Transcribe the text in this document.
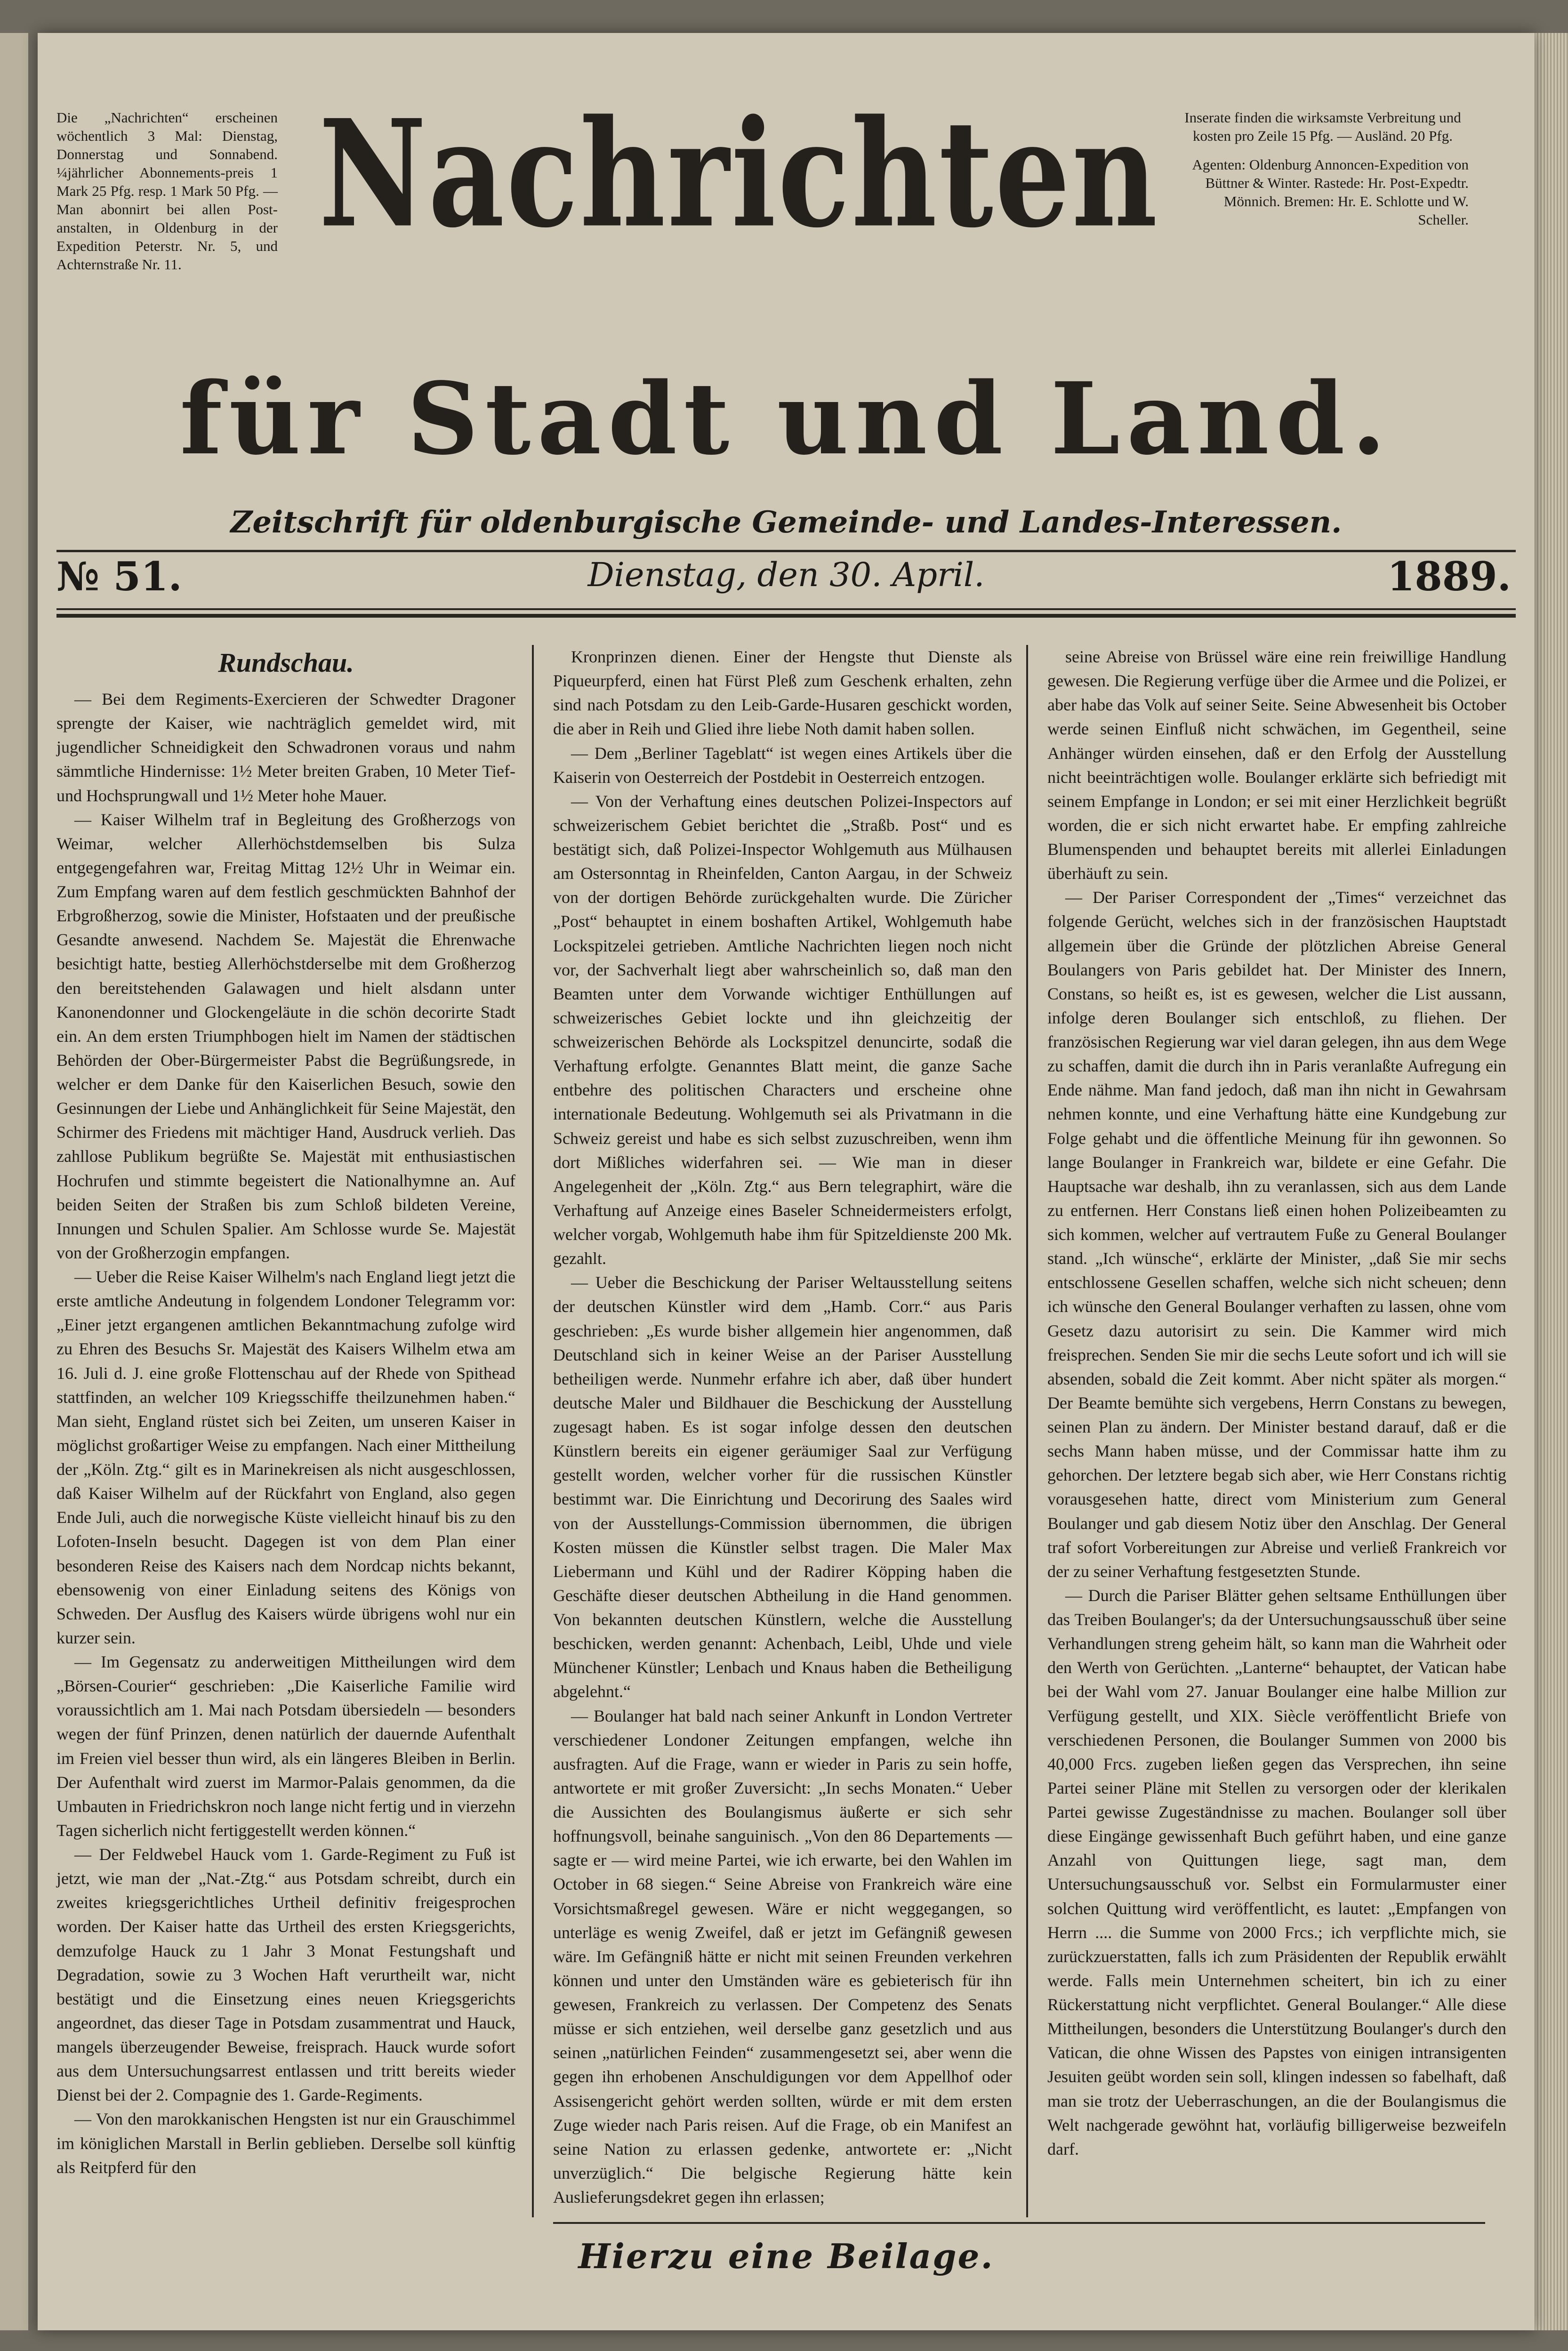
Die „Nachrichten“ erscheinen wöchentlich 3 Mal: Dienstag, Donnerstag und Sonnabend. ¼jährlicher Abonnements-preis 1 Mark 25 Pfg. resp. 1 Mark 50 Pfg. — Man abonnirt bei allen Post-anstalten, in Oldenburg in der Expedition Peterstr. Nr. 5, und Achternstraße Nr. 11.
Inserate finden die wirksamste Verbreitung und kosten pro Zeile 15 Pfg. — Ausländ. 20 Pfg.
Agenten: Oldenburg Annoncen-Expedition von Büttner & Winter. Rastede: Hr. Post-Expedtr. Mönnich. Bremen: Hr. E. Schlotte und W. Scheller.
Nachrichten
für Stadt und Land.
Zeitschrift für oldenburgische Gemeinde- und Landes-Interessen.
№ 51.	Dienstag, den 30. April.	1889.
Rundschau.

— Bei dem Regiments-Exercieren der Schwedter Dragoner sprengte der Kaiser, wie nachträglich gemeldet wird, mit jugendlicher Schneidigkeit den Schwadronen voraus und nahm sämmtliche Hindernisse: 1½ Meter breiten Graben, 10 Meter Tief- und Hochsprungwall und 1½ Meter hohe Mauer.

— Kaiser Wilhelm traf in Begleitung des Großherzogs von Weimar, welcher Allerhöchstdemselben bis Sulza entgegengefahren war, Freitag Mittag 12½ Uhr in Weimar ein. Zum Empfang waren auf dem festlich geschmückten Bahnhof der Erbgroßherzog, sowie die Minister, Hofstaaten und der preußische Gesandte anwesend. Nachdem Se. Majestät die Ehrenwache besichtigt hatte, bestieg Allerhöchstderselbe mit dem Großherzog den bereitstehenden Galawagen und hielt alsdann unter Kanonendonner und Glockengeläute in die schön decorirte Stadt ein. An dem ersten Triumphbogen hielt im Namen der städtischen Behörden der Ober-Bürgermeister Pabst die Begrüßungsrede, in welcher er dem Danke für den Kaiserlichen Besuch, sowie den Gesinnungen der Liebe und Anhänglichkeit für Seine Majestät, den Schirmer des Friedens mit mächtiger Hand, Ausdruck verlieh. Das zahllose Publikum begrüßte Se. Majestät mit enthusiastischen Hochrufen und stimmte begeistert die Nationalhymne an. Auf beiden Seiten der Straßen bis zum Schloß bildeten Vereine, Innungen und Schulen Spalier. Am Schlosse wurde Se. Majestät von der Großherzogin empfangen.

— Ueber die Reise Kaiser Wilhelm's nach England liegt jetzt die erste amtliche Andeutung in folgendem Londoner Telegramm vor: „Einer jetzt ergangenen amtlichen Bekanntmachung zufolge wird zu Ehren des Besuchs Sr. Majestät des Kaisers Wilhelm etwa am 16. Juli d. J. eine große Flottenschau auf der Rhede von Spithead stattfinden, an welcher 109 Kriegsschiffe theilzunehmen haben.“ Man sieht, England rüstet sich bei Zeiten, um unseren Kaiser in möglichst großartiger Weise zu empfangen. Nach einer Mittheilung der „Köln. Ztg.“ gilt es in Marinekreisen als nicht ausgeschlossen, daß Kaiser Wilhelm auf der Rückfahrt von England, also gegen Ende Juli, auch die norwegische Küste vielleicht hinauf bis zu den Lofoten-Inseln besucht. Dagegen ist von dem Plan einer besonderen Reise des Kaisers nach dem Nordcap nichts bekannt, ebensowenig von einer Einladung seitens des Königs von Schweden. Der Ausflug des Kaisers würde übrigens wohl nur ein kurzer sein.

— Im Gegensatz zu anderweitigen Mittheilungen wird dem „Börsen-Courier“ geschrieben: „Die Kaiserliche Familie wird voraussichtlich am 1. Mai nach Potsdam übersiedeln — besonders wegen der fünf Prinzen, denen natürlich der dauernde Aufenthalt im Freien viel besser thun wird, als ein längeres Bleiben in Berlin. Der Aufenthalt wird zuerst im Marmor-Palais genommen, da die Umbauten in Friedrichskron noch lange nicht fertig und in vierzehn Tagen sicherlich nicht fertiggestellt werden können.“

— Der Feldwebel Hauck vom 1. Garde-Regiment zu Fuß ist jetzt, wie man der „Nat.-Ztg.“ aus Potsdam schreibt, durch ein zweites kriegsgerichtliches Urtheil definitiv freigesprochen worden. Der Kaiser hatte das Urtheil des ersten Kriegsgerichts, demzufolge Hauck zu 1 Jahr 3 Monat Festungshaft und Degradation, sowie zu 3 Wochen Haft verurtheilt war, nicht bestätigt und die Einsetzung eines neuen Kriegsgerichts angeordnet, das dieser Tage in Potsdam zusammentrat und Hauck, mangels überzeugender Beweise, freisprach. Hauck wurde sofort aus dem Untersuchungsarrest entlassen und tritt bereits wieder Dienst bei der 2. Compagnie des 1. Garde-Regiments.

— Von den marokkanischen Hengsten ist nur ein Grauschimmel im königlichen Marstall in Berlin geblieben. Derselbe soll künftig als Reitpferd für den

Kronprinzen dienen. Einer der Hengste thut Dienste als Piqueurpferd, einen hat Fürst Pleß zum Geschenk erhalten, zehn sind nach Potsdam zu den Leib-Garde-Husaren geschickt worden, die aber in Reih und Glied ihre liebe Noth damit haben sollen.

— Dem „Berliner Tageblatt“ ist wegen eines Artikels über die Kaiserin von Oesterreich der Postdebit in Oesterreich entzogen.

— Von der Verhaftung eines deutschen Polizei-Inspectors auf schweizerischem Gebiet berichtet die „Straßb. Post“ und es bestätigt sich, daß Polizei-Inspector Wohlgemuth aus Mülhausen am Ostersonntag in Rheinfelden, Canton Aargau, in der Schweiz von der dortigen Behörde zurückgehalten wurde. Die Züricher „Post“ behauptet in einem boshaften Artikel, Wohlgemuth habe Lockspitzelei getrieben. Amtliche Nachrichten liegen noch nicht vor, der Sachverhalt liegt aber wahrscheinlich so, daß man den Beamten unter dem Vorwande wichtiger Enthüllungen auf schweizerisches Gebiet lockte und ihn gleichzeitig der schweizerischen Behörde als Lockspitzel denuncirte, sodaß die Verhaftung erfolgte. Genanntes Blatt meint, die ganze Sache entbehre des politischen Characters und erscheine ohne internationale Bedeutung. Wohlgemuth sei als Privatmann in die Schweiz gereist und habe es sich selbst zuzuschreiben, wenn ihm dort Mißliches widerfahren sei. — Wie man in dieser Angelegenheit der „Köln. Ztg.“ aus Bern telegraphirt, wäre die Verhaftung auf Anzeige eines Baseler Schneidermeisters erfolgt, welcher vorgab, Wohlgemuth habe ihm für Spitzeldienste 200 Mk. gezahlt.

— Ueber die Beschickung der Pariser Weltausstellung seitens der deutschen Künstler wird dem „Hamb. Corr.“ aus Paris geschrieben: „Es wurde bisher allgemein hier angenommen, daß Deutschland sich in keiner Weise an der Pariser Ausstellung betheiligen werde. Nunmehr erfahre ich aber, daß über hundert deutsche Maler und Bildhauer die Beschickung der Ausstellung zugesagt haben. Es ist sogar infolge dessen den deutschen Künstlern bereits ein eigener geräumiger Saal zur Verfügung gestellt worden, welcher vorher für die russischen Künstler bestimmt war. Die Einrichtung und Decorirung des Saales wird von der Ausstellungs-Commission übernommen, die übrigen Kosten müssen die Künstler selbst tragen. Die Maler Max Liebermann und Kühl und der Radirer Köpping haben die Geschäfte dieser deutschen Abtheilung in die Hand genommen. Von bekannten deutschen Künstlern, welche die Ausstellung beschicken, werden genannt: Achenbach, Leibl, Uhde und viele Münchener Künstler; Lenbach und Knaus haben die Betheiligung abgelehnt.“

— Boulanger hat bald nach seiner Ankunft in London Vertreter verschiedener Londoner Zeitungen empfangen, welche ihn ausfragten. Auf die Frage, wann er wieder in Paris zu sein hoffe, antwortete er mit großer Zuversicht: „In sechs Monaten.“ Ueber die Aussichten des Boulangismus äußerte er sich sehr hoffnungsvoll, beinahe sanguinisch. „Von den 86 Departements — sagte er — wird meine Partei, wie ich erwarte, bei den Wahlen im October in 68 siegen.“ Seine Abreise von Frankreich wäre eine Vorsichtsmaßregel gewesen. Wäre er nicht weggegangen, so unterläge es wenig Zweifel, daß er jetzt im Gefängniß gewesen wäre. Im Gefängniß hätte er nicht mit seinen Freunden verkehren können und unter den Umständen wäre es gebieterisch für ihn gewesen, Frankreich zu verlassen. Der Competenz des Senats müsse er sich entziehen, weil derselbe ganz gesetzlich und aus seinen „natürlichen Feinden“ zusammengesetzt sei, aber wenn die gegen ihn erhobenen Anschuldigungen vor dem Appellhof oder Assisengericht gehört werden sollten, würde er mit dem ersten Zuge wieder nach Paris reisen. Auf die Frage, ob ein Manifest an seine Nation zu erlassen gedenke, antwortete er: „Nicht unverzüglich.“ Die belgische Regierung hätte kein Auslieferungsdekret gegen ihn erlassen;

seine Abreise von Brüssel wäre eine rein freiwillige Handlung gewesen. Die Regierung verfüge über die Armee und die Polizei, er aber habe das Volk auf seiner Seite. Seine Abwesenheit bis October werde seinen Einfluß nicht schwächen, im Gegentheil, seine Anhänger würden einsehen, daß er den Erfolg der Ausstellung nicht beeinträchtigen wolle. Boulanger erklärte sich befriedigt mit seinem Empfange in London; er sei mit einer Herzlichkeit begrüßt worden, die er sich nicht erwartet habe. Er empfing zahlreiche Blumenspenden und behauptet bereits mit allerlei Einladungen überhäuft zu sein.

— Der Pariser Correspondent der „Times“ verzeichnet das folgende Gerücht, welches sich in der französischen Hauptstadt allgemein über die Gründe der plötzlichen Abreise General Boulangers von Paris gebildet hat. Der Minister des Innern, Constans, so heißt es, ist es gewesen, welcher die List aussann, infolge deren Boulanger sich entschloß, zu fliehen. Der französischen Regierung war viel daran gelegen, ihn aus dem Wege zu schaffen, damit die durch ihn in Paris veranlaßte Aufregung ein Ende nähme. Man fand jedoch, daß man ihn nicht in Gewahrsam nehmen konnte, und eine Verhaftung hätte eine Kundgebung zur Folge gehabt und die öffentliche Meinung für ihn gewonnen. So lange Boulanger in Frankreich war, bildete er eine Gefahr. Die Hauptsache war deshalb, ihn zu veranlassen, sich aus dem Lande zu entfernen. Herr Constans ließ einen hohen Polizeibeamten zu sich kommen, welcher auf vertrautem Fuße zu General Boulanger stand. „Ich wünsche“, erklärte der Minister, „daß Sie mir sechs entschlossene Gesellen schaffen, welche sich nicht scheuen; denn ich wünsche den General Boulanger verhaften zu lassen, ohne vom Gesetz dazu autorisirt zu sein. Die Kammer wird mich freisprechen. Senden Sie mir die sechs Leute sofort und ich will sie absenden, sobald die Zeit kommt. Aber nicht später als morgen.“ Der Beamte bemühte sich vergebens, Herrn Constans zu bewegen, seinen Plan zu ändern. Der Minister bestand darauf, daß er die sechs Mann haben müsse, und der Commissar hatte ihm zu gehorchen. Der letztere begab sich aber, wie Herr Constans richtig vorausgesehen hatte, direct vom Ministerium zum General Boulanger und gab diesem Notiz über den Anschlag. Der General traf sofort Vorbereitungen zur Abreise und verließ Frankreich vor der zu seiner Verhaftung festgesetzten Stunde.

— Durch die Pariser Blätter gehen seltsame Enthüllungen über das Treiben Boulanger's; da der Untersuchungsausschuß über seine Verhandlungen streng geheim hält, so kann man die Wahrheit oder den Werth von Gerüchten. „Lanterne“ behauptet, der Vatican habe bei der Wahl vom 27. Januar Boulanger eine halbe Million zur Verfügung gestellt, und XIX. Siècle veröffentlicht Briefe von verschiedenen Personen, die Boulanger Summen von 2000 bis 40,000 Frcs. zugeben ließen gegen das Versprechen, ihn seine Partei seiner Pläne mit Stellen zu versorgen oder der klerikalen Partei gewisse Zugeständnisse zu machen. Boulanger soll über diese Eingänge gewissenhaft Buch geführt haben, und eine ganze Anzahl von Quittungen liege, sagt man, dem Untersuchungsausschuß vor. Selbst ein Formularmuster einer solchen Quittung wird veröffentlicht, es lautet: „Empfangen von Herrn .... die Summe von 2000 Frcs.; ich verpflichte mich, sie zurückzuerstatten, falls ich zum Präsidenten der Republik erwählt werde. Falls mein Unternehmen scheitert, bin ich zu einer Rückerstattung nicht verpflichtet. General Boulanger.“ Alle diese Mittheilungen, besonders die Unterstützung Boulanger's durch den Vatican, die ohne Wissen des Papstes von einigen intransigenten Jesuiten geübt worden sein soll, klingen indessen so fabelhaft, daß man sie trotz der Ueberraschungen, an die der Boulangismus die Welt nachgerade gewöhnt hat, vorläufig billigerweise bezweifeln darf.

Hierzu eine Beilage.
